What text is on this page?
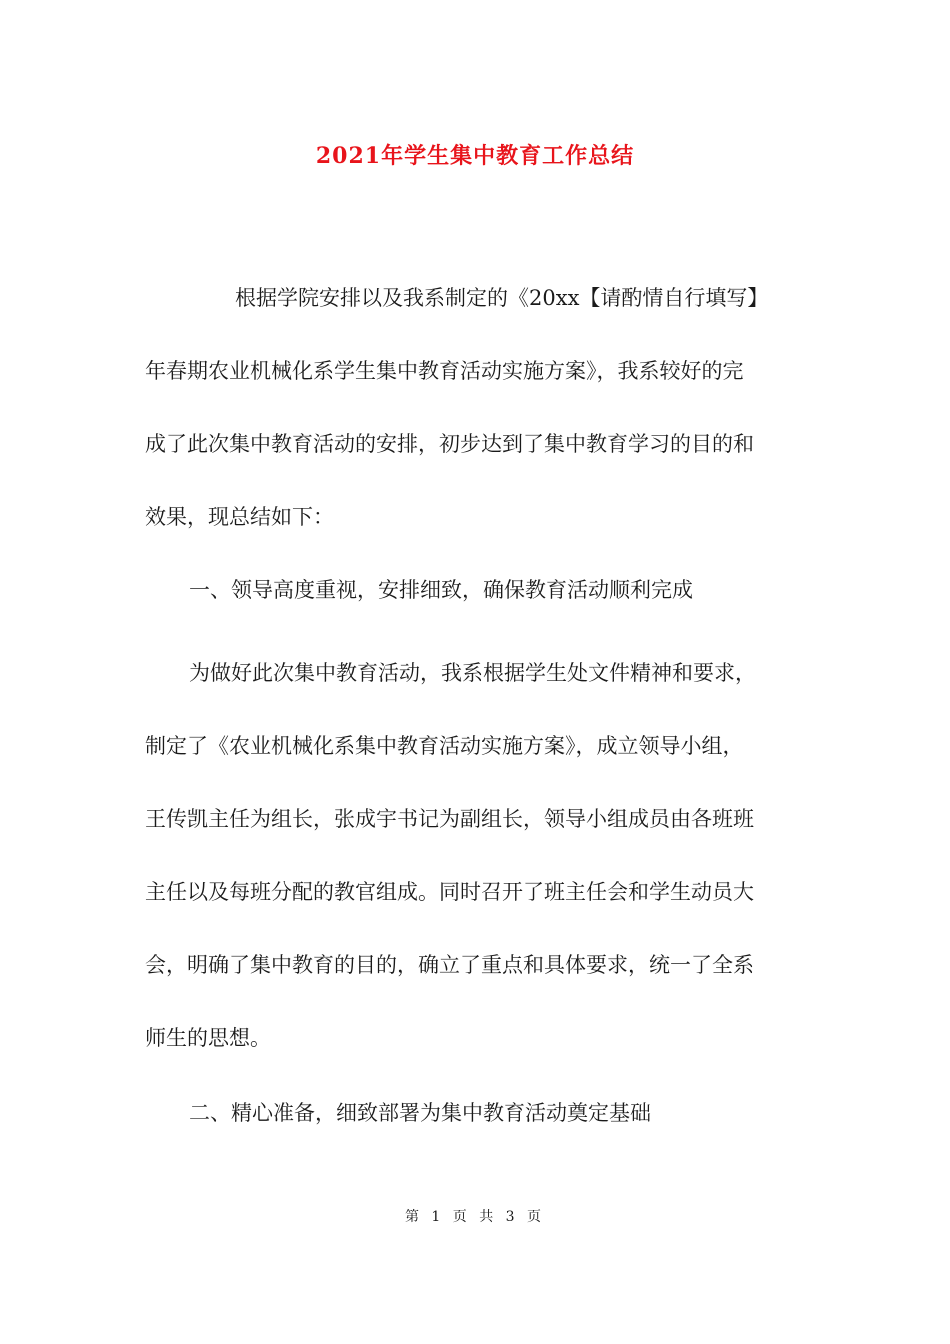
2021年学生集中教育工作总结
根据学院安排以及我系制定的《20xx【请酌情自行填写】
年春期农业机械化系学生集中教育活动实施方案》，我系较好的完
成了此次集中教育活动的安排，初步达到了集中教育学习的目的和
效果，现总结如下：
一、领导高度重视，安排细致，确保教育活动顺利完成
为做好此次集中教育活动，我系根据学生处文件精神和要求，
制定了《农业机械化系集中教育活动实施方案》，成立领导小组，
王传凯主任为组长，张成宇书记为副组长，领导小组成员由各班班
主任以及每班分配的教官组成。同时召开了班主任会和学生动员大
会，明确了集中教育的目的，确立了重点和具体要求，统一了全系
师生的思想。
二、精心准备，细致部署为集中教育活动奠定基础
第 1 页 共 3 页
